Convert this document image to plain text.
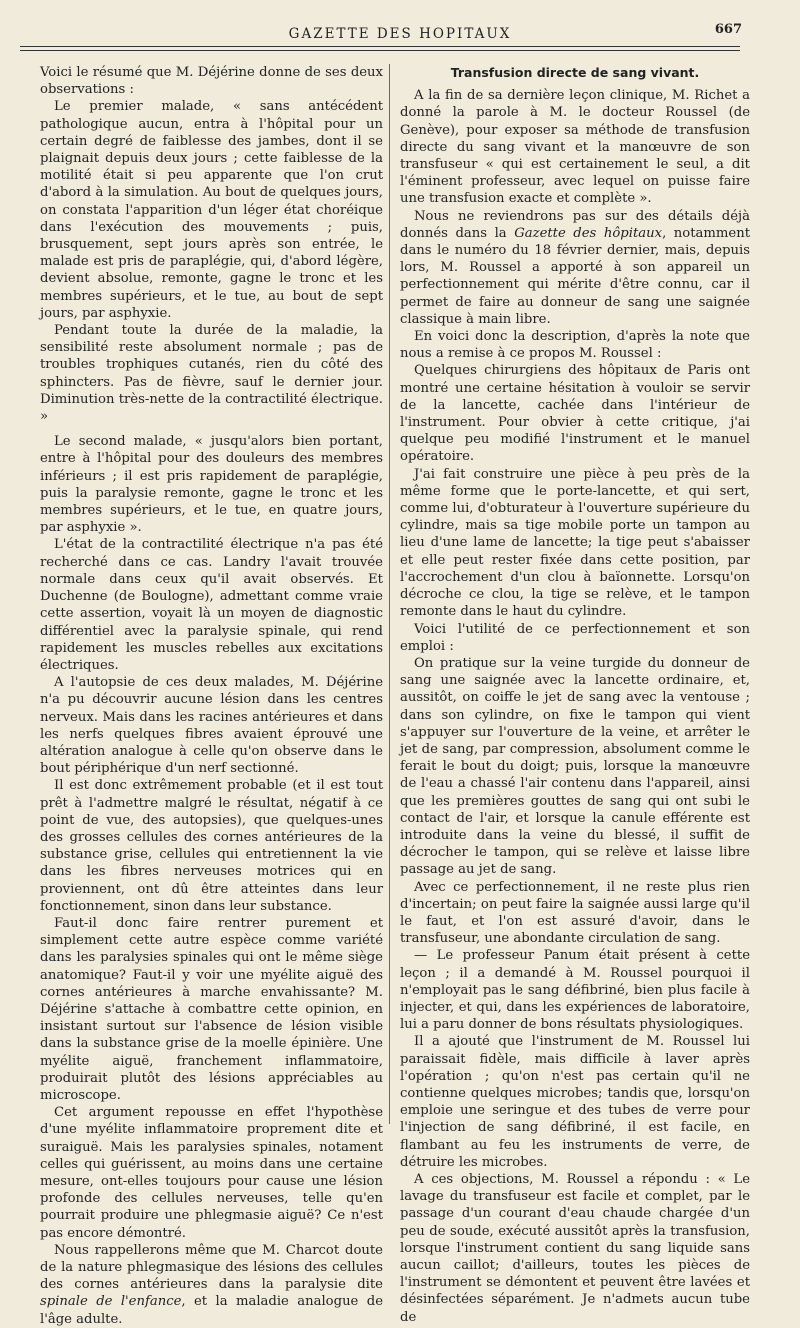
GAZETTE DES HOPITAUX	667

Voici le résumé que M. Déjérine donne de ses deux observations :

Le premier malade, « sans antécédent pathologique aucun, entra à l'hôpital pour un certain degré de faiblesse des jambes, dont il se plaignait depuis deux jours ; cette faiblesse de la motilité était si peu apparente que l'on crut d'abord à la simulation. Au bout de quelques jours, on constata l'apparition d'un léger état choréique dans l'exécution des mouvements ; puis, brusquement, sept jours après son entrée, le malade est pris de paraplégie, qui, d'abord légère, devient absolue, remonte, gagne le tronc et les membres supérieurs, et le tue, au bout de sept jours, par asphyxie.

Pendant toute la durée de la maladie, la sensibilité reste absolument normale ; pas de troubles trophiques cutanés, rien du côté des sphincters. Pas de fièvre, sauf le dernier jour. Diminution très-nette de la contractilité électrique. »

Le second malade, « jusqu'alors bien portant, entre à l'hôpital pour des douleurs des membres inférieurs ; il est pris rapidement de paraplégie, puis la paralysie remonte, gagne le tronc et les membres supérieurs, et le tue, en quatre jours, par asphyxie ».

L'état de la contractilité électrique n'a pas été recherché dans ce cas. Landry l'avait trouvée normale dans ceux qu'il avait observés. Et Duchenne (de Boulogne), admettant comme vraie cette assertion, voyait là un moyen de diagnostic différentiel avec la paralysie spinale, qui rend rapidement les muscles rebelles aux excitations électriques.

A l'autopsie de ces deux malades, M. Déjérine n'a pu découvrir aucune lésion dans les centres nerveux. Mais dans les racines antérieures et dans les nerfs quelques fibres avaient éprouvé une altération analogue à celle qu'on observe dans le bout périphérique d'un nerf sectionné.

Il est donc extrêmement probable (et il est tout prêt à l'admettre malgré le résultat, négatif à ce point de vue, des autopsies), que quelques-unes des grosses cellules des cornes antérieures de la substance grise, cellules qui entretiennent la vie dans les fibres nerveuses motrices qui en proviennent, ont dû être atteintes dans leur fonctionnement, sinon dans leur substance.

Faut-il donc faire rentrer purement et simplement cette autre espèce comme variété dans les paralysies spinales qui ont le même siège anatomique? Faut-il y voir une myélite aiguë des cornes antérieures à marche envahissante? M. Déjérine s'attache à combattre cette opinion, en insistant surtout sur l'absence de lésion visible dans la substance grise de la moelle épinière. Une myélite aiguë, franchement inflammatoire, produirait plutôt des lésions appréciables au microscope.

Cet argument repousse en effet l'hypothèse d'une myélite inflammatoire proprement dite et suraiguë. Mais les paralysies spinales, notament celles qui guérissent, au moins dans une certaine mesure, ont-elles toujours pour cause une lésion profonde des cellules nerveuses, telle qu'en pourrait produire une phlegmasie aiguë? Ce n'est pas encore démontré.

Nous rappellerons même que M. Charcot doute de la nature phlegmasique des lésions des cellules des cornes antérieures dans la paralysie dite spinale de l'enfance, et la maladie analogue de l'âge adulte.

Transfusion directe de sang vivant.

A la fin de sa dernière leçon clinique, M. Richet a donné la parole à M. le docteur Roussel (de Genève), pour exposer sa méthode de transfusion directe du sang vivant et la manœuvre de son transfuseur « qui est certainement le seul, a dit l'éminent professeur, avec lequel on puisse faire une transfusion exacte et complète ».

Nous ne reviendrons pas sur des détails déjà donnés dans la Gazette des hôpitaux, notamment dans le numéro du 18 février dernier, mais, depuis lors, M. Roussel a apporté à son appareil un perfectionnement qui mérite d'être connu, car il permet de faire au donneur de sang une saignée classique à main libre.

En voici donc la description, d'après la note que nous a remise à ce propos M. Roussel :

Quelques chirurgiens des hôpitaux de Paris ont montré une certaine hésitation à vouloir se servir de la lancette, cachée dans l'intérieur de l'instrument. Pour obvier à cette critique, j'ai quelque peu modifié l'instrument et le manuel opératoire.

J'ai fait construire une pièce à peu près de la même forme que le porte-lancette, et qui sert, comme lui, d'obturateur à l'ouverture supérieure du cylindre, mais sa tige mobile porte un tampon au lieu d'une lame de lancette; la tige peut s'abaisser et elle peut rester fixée dans cette position, par l'accrochement d'un clou à baïonnette. Lorsqu'on décroche ce clou, la tige se relève, et le tampon remonte dans le haut du cylindre.

Voici l'utilité de ce perfectionnement et son emploi :

On pratique sur la veine turgide du donneur de sang une saignée avec la lancette ordinaire, et, aussitôt, on coiffe le jet de sang avec la ventouse ; dans son cylindre, on fixe le tampon qui vient s'appuyer sur l'ouverture de la veine, et arrêter le jet de sang, par compression, absolument comme le ferait le bout du doigt; puis, lorsque la manœuvre de l'eau a chassé l'air contenu dans l'appareil, ainsi que les premières gouttes de sang qui ont subi le contact de l'air, et lorsque la canule efférente est introduite dans la veine du blessé, il suffit de décrocher le tampon, qui se relève et laisse libre passage au jet de sang.

Avec ce perfectionnement, il ne reste plus rien d'incertain; on peut faire la saignée aussi large qu'il le faut, et l'on est assuré d'avoir, dans le transfuseur, une abondante circulation de sang.

— Le professeur Panum était présent à cette leçon ; il a demandé à M. Roussel pourquoi il n'employait pas le sang défibriné, bien plus facile à injecter, et qui, dans les expériences de laboratoire, lui a paru donner de bons résultats physiologiques.

Il a ajouté que l'instrument de M. Roussel lui paraissait fidèle, mais difficile à laver après l'opération ; qu'on n'est pas certain qu'il ne contienne quelques microbes; tandis que, lorsqu'on emploie une seringue et des tubes de verre pour l'injection de sang défibriné, il est facile, en flambant au feu les instruments de verre, de détruire les microbes.

A ces objections, M. Roussel a répondu : « Le lavage du transfuseur est facile et complet, par le passage d'un courant d'eau chaude chargée d'un peu de soude, exécuté aussitôt après la transfusion, lorsque l'instrument contient du sang liquide sans aucun caillot; d'ailleurs, toutes les pièces de l'instrument se démontent et peuvent être lavées et désinfectées séparément. Je n'admets aucun tube de
